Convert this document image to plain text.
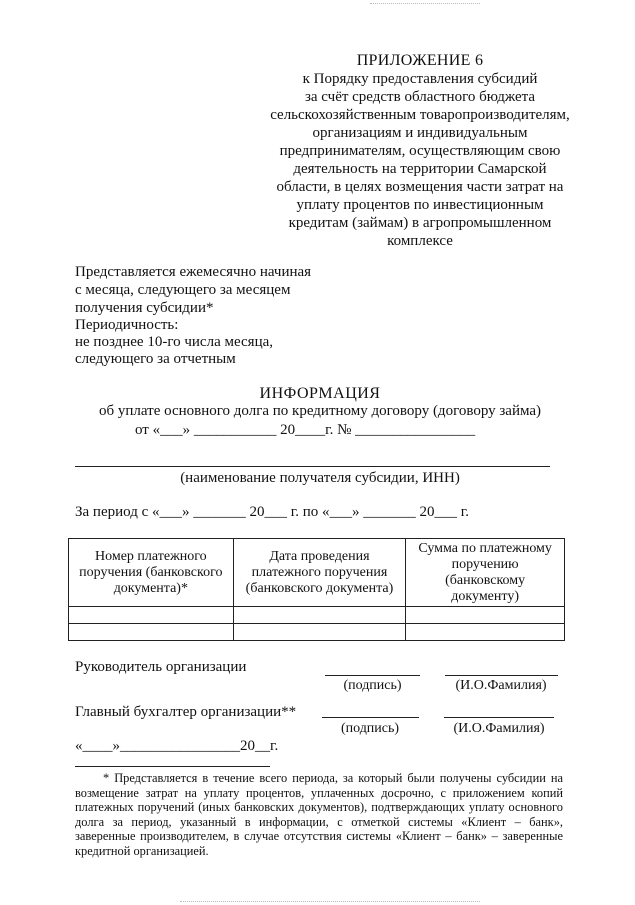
ПРИЛОЖЕНИЕ 6
к Порядку предоставления субсидий
за счёт средств областного бюджета
сельскохозяйственным товаропроизводителям,
организациям и индивидуальным
предпринимателям, осуществляющим свою
деятельность на территории Самарской
области, в целях возмещения части затрат на
уплату процентов по инвестиционным
кредитам (займам) в агропромышленном
комплексе
Представляется ежемесячно начиная
с месяца, следующего за месяцем
получения субсидии*
Периодичность:
не позднее 10-го числа месяца,
следующего за отчетным
ИНФОРМАЦИЯ
об уплате основного долга по кредитному договору (договору займа)
от «___» ___________ 20____г. № ________________
(наименование получателя субсидии, ИНН)
За период с «___» _______ 20___ г. по «___» _______ 20___ г.
Номер платежного поручения (банковского документа)*	Дата проведения платежного поручения (банковского документа)	Сумма по платежному поручению (банковскому документу)

Руководитель организации
(подпись)	(И.О.Фамилия)
Главный бухгалтер организации**
(подпись)	(И.О.Фамилия)
«____»________________20__г.

* Представляется в течение всего периода, за который были получены субсидии на возмещение затрат на уплату процентов, уплаченных досрочно, с приложением копий платежных поручений (иных банковских документов), подтверждающих уплату основного долга за период, указанный в информации, с отметкой системы «Клиент – банк», заверенные производителем, в случае отсутствия системы «Клиент – банк» – заверенные кредитной организацией.
